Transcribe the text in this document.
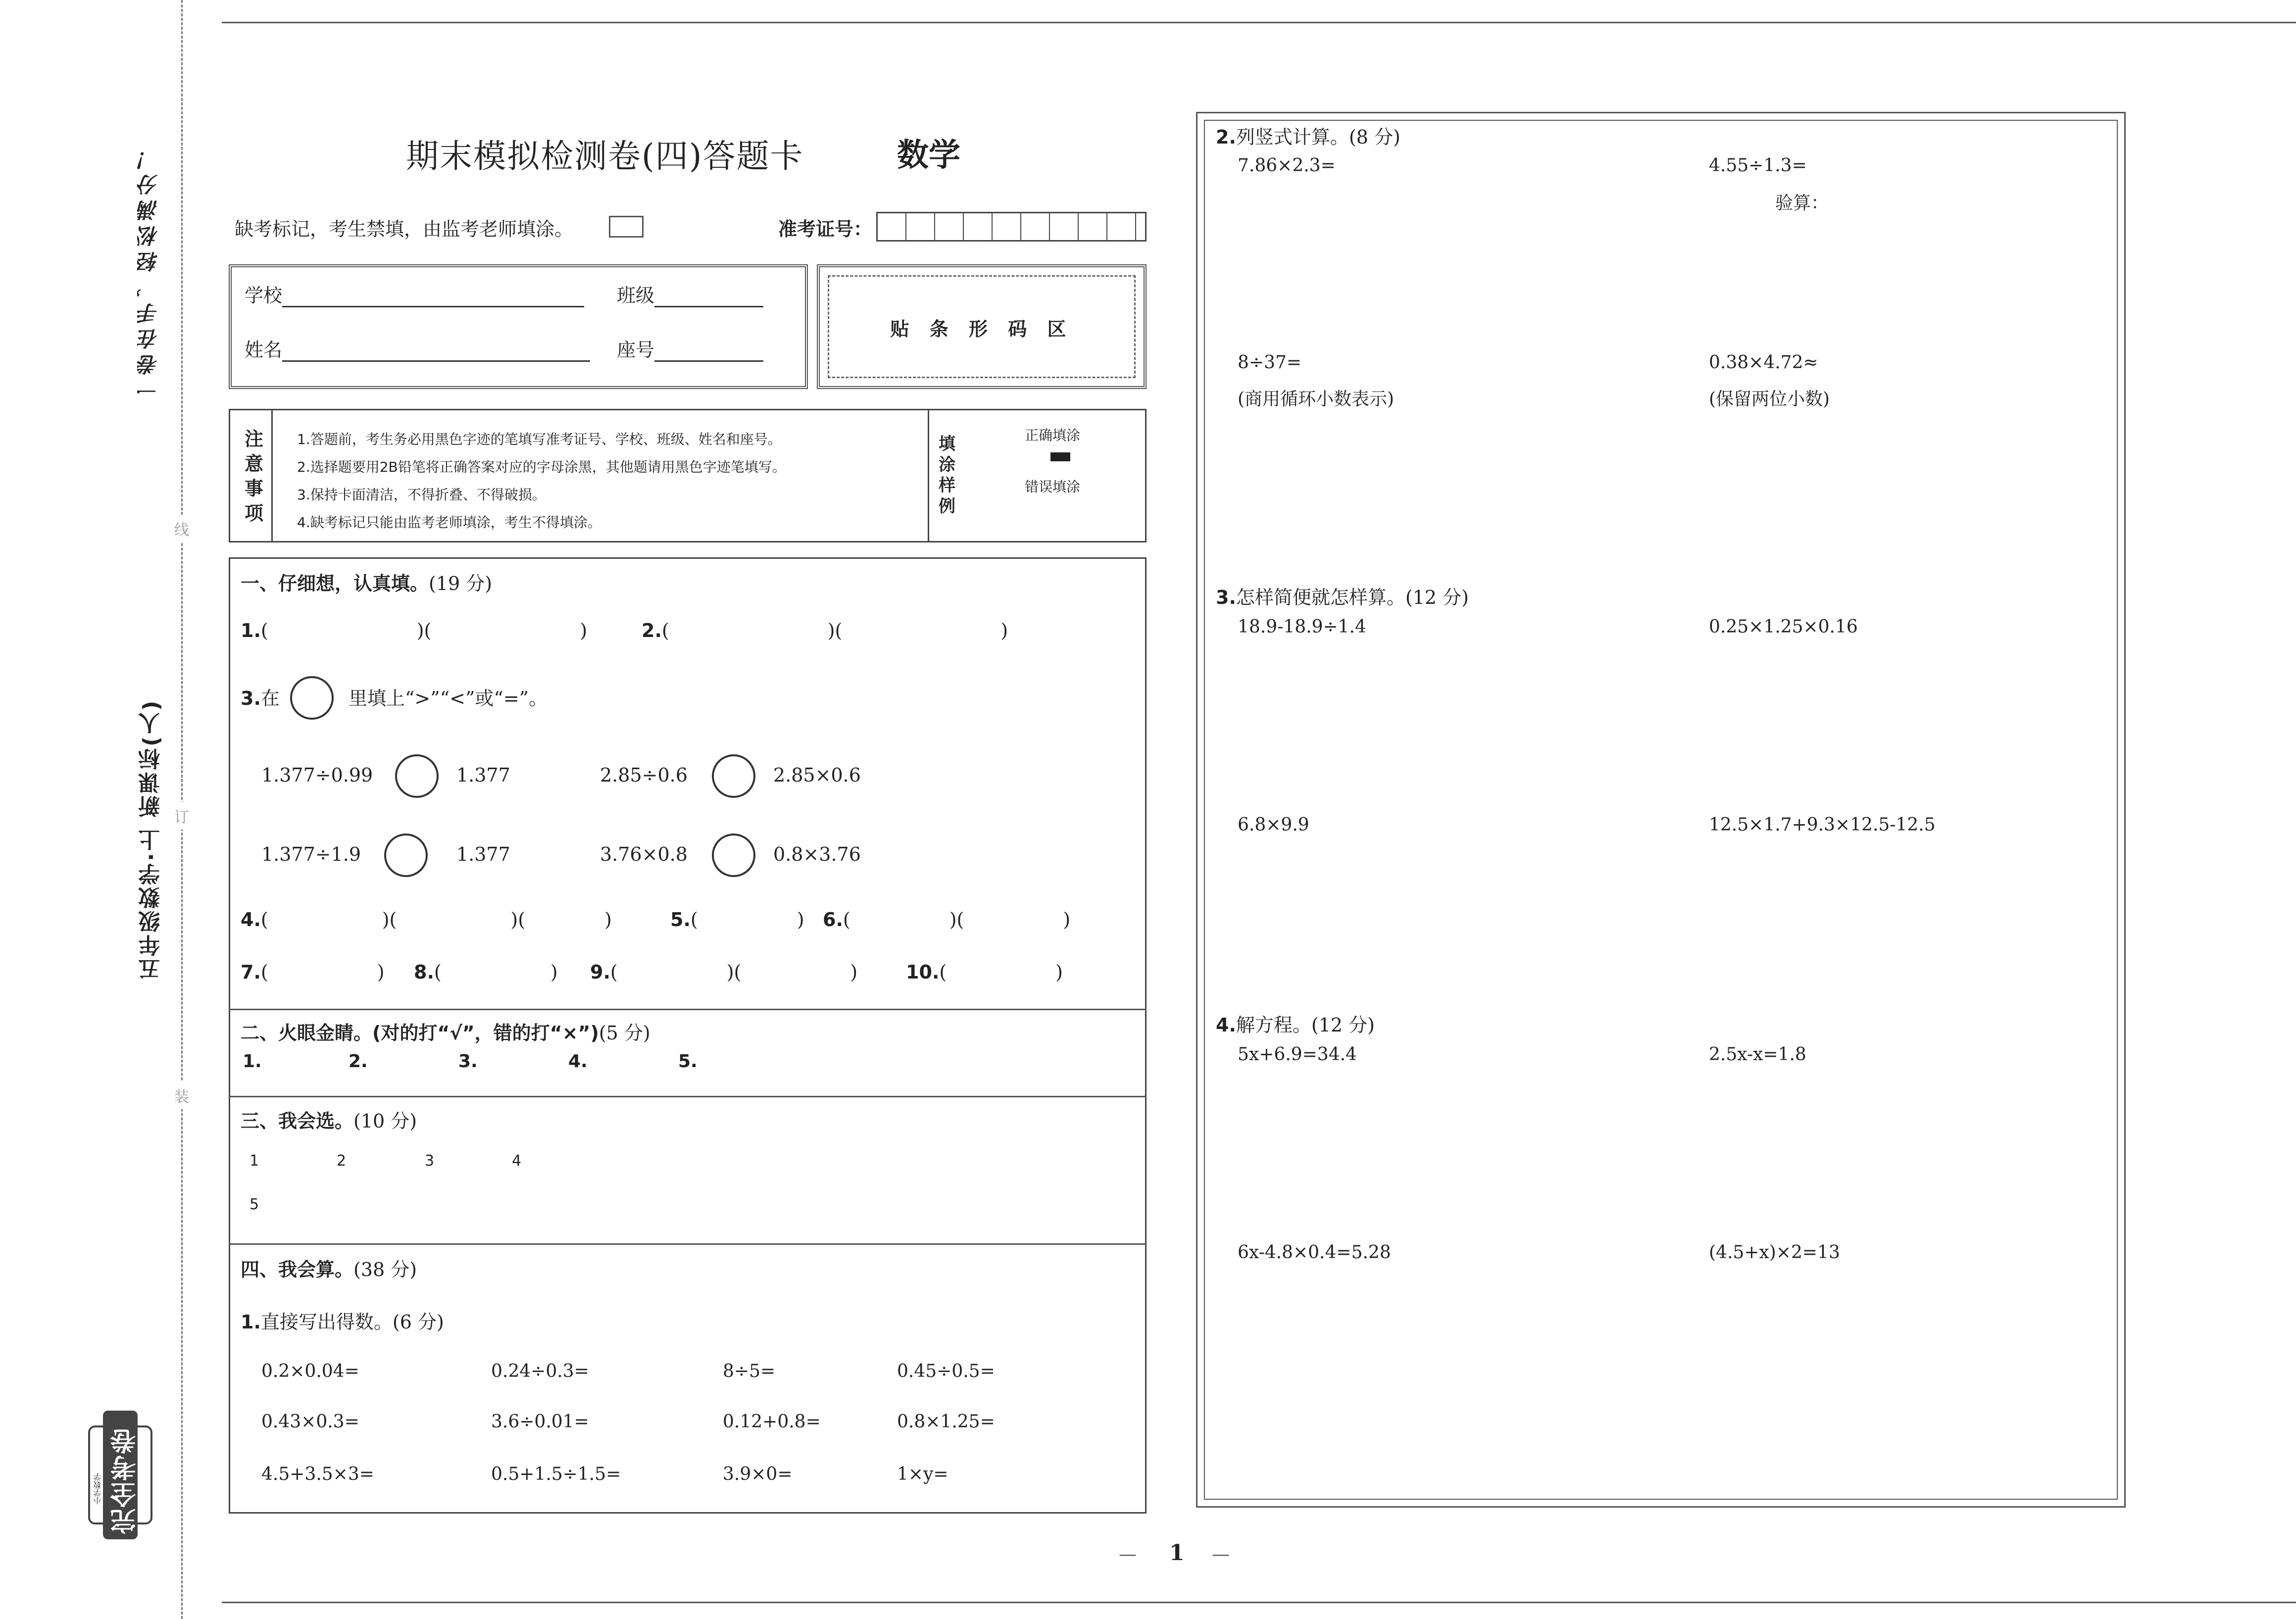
线
订
装
一卷在手，轻松满分！
五年级数学·上 新课标(人)
完全考卷
小学数学
期末模拟检测卷(四)答题卡	数学
缺考标记，考生禁填，由监考老师填涂。	准考证号：
学校	班级
姓名	座号
贴 条 形 码 区
注
意
事
项
1.答题前，考生务必用黑色字迹的笔填写准考证号、学校、班级、姓名和座号。
2.选择题要用2B铅笔将正确答案对应的字母涂黑，其他题请用黑色字迹笔填写。
3.保持卡面清洁，不得折叠、不得破损。
4.缺考标记只能由监考老师填涂，考生不得填涂。
填
涂
样
例
正确填涂
错误填涂
一、仔细想，认真填。(19 分)
1.(	)(	)	2.(	)(	)
3.在	里填上“>”“<”或“=”。
1.377÷0.99	1.377	2.85÷0.6	2.85×0.6
1.377÷1.9	1.377	3.76×0.8	0.8×3.76
4.(	)(	)(	)	5.(	) 6.(	)(	)
7.(	) 8.(	) 9.(	)(	)	10.(	)
二、火眼金睛。(对的打“√”，错的打“×”)(5 分)
1.	2.	3.	4.	5.
三、我会选。(10 分)
1	2	3	4
5
四、我会算。(38 分)
1.直接写出得数。(6 分)
0.2×0.04=	0.24÷0.3=	8÷5=	0.45÷0.5=
0.43×0.3=	3.6÷0.01=	0.12+0.8=	0.8×1.25=
4.5+3.5×3=	0.5+1.5÷1.5=	3.9×0=	1×y=
2.列竖式计算。(8 分)
7.86×2.3=	4.55÷1.3=
验算：
8÷37=
(商用循环小数表示)
0.38×4.72≈
(保留两位小数)
3.怎样简便就怎样算。(12 分)
18.9-18.9÷1.4	0.25×1.25×0.16
6.8×9.9	12.5×1.7+9.3×12.5-12.5
4.解方程。(12 分)
5x+6.9=34.4	2.5x-x=1.8
6x-4.8×0.4=5.28	(4.5+x)×2=13
— 1 —
